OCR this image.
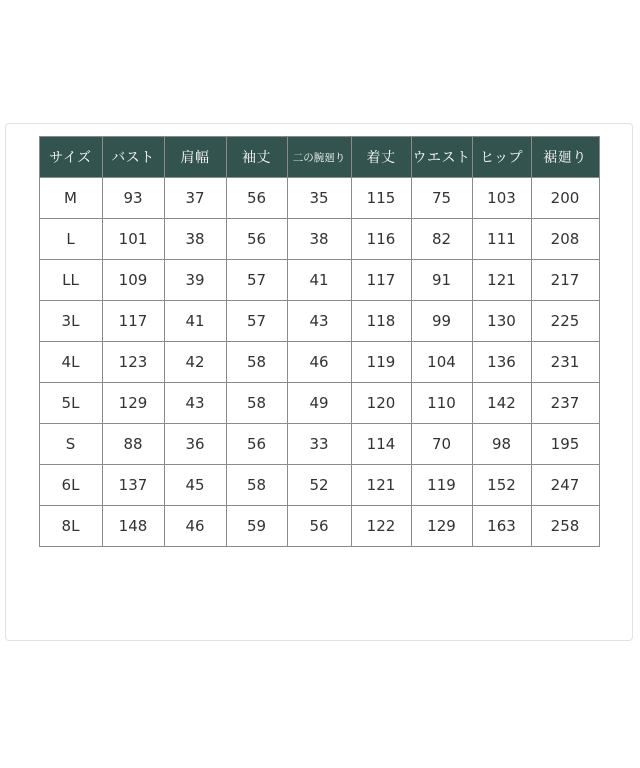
サイズ	バスト	肩幅	袖丈	二の腕廻り	着丈	ウエスト	ヒップ	裾廻り
M	93	37	56	35	115	75	103	200
L	101	38	56	38	116	82	111	208
LL	109	39	57	41	117	91	121	217
3L	117	41	57	43	118	99	130	225
4L	123	42	58	46	119	104	136	231
5L	129	43	58	49	120	110	142	237
S	88	36	56	33	114	70	98	195
6L	137	45	58	52	121	119	152	247
8L	148	46	59	56	122	129	163	258
